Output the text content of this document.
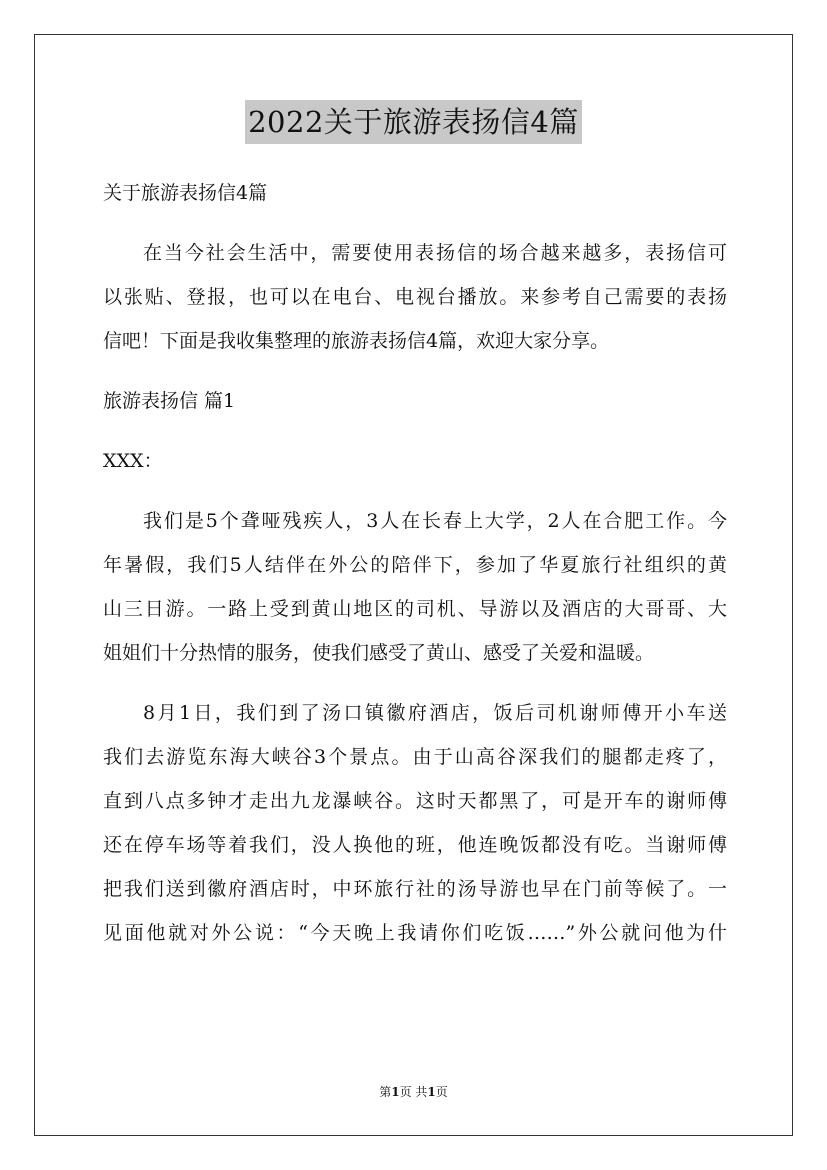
2022关于旅游表扬信4篇
关于旅游表扬信4篇
在当今社会生活中，需要使用表扬信的场合越来越多，表扬信可
以张贴、登报，也可以在电台、电视台播放。来参考自己需要的表扬
信吧！下面是我收集整理的旅游表扬信4篇，欢迎大家分享。
旅游表扬信 篇1
XXX：
我们是5个聋哑残疾人，3人在长春上大学，2人在合肥工作。今
年暑假，我们5人结伴在外公的陪伴下，参加了华夏旅行社组织的黄
山三日游。一路上受到黄山地区的司机、导游以及酒店的大哥哥、大
姐姐们十分热情的服务，使我们感受了黄山、感受了关爱和温暖。
8月1日，我们到了汤口镇徽府酒店，饭后司机谢师傅开小车送
我们去游览东海大峡谷3个景点。由于山高谷深我们的腿都走疼了，
直到八点多钟才走出九龙瀑峡谷。这时天都黑了，可是开车的谢师傅
还在停车场等着我们，没人换他的班，他连晚饭都没有吃。当谢师傅
把我们送到徽府酒店时，中环旅行社的汤导游也早在门前等候了。一
见面他就对外公说：“今天晚上我请你们吃饭……”外公就问他为什
第1页 共1页
